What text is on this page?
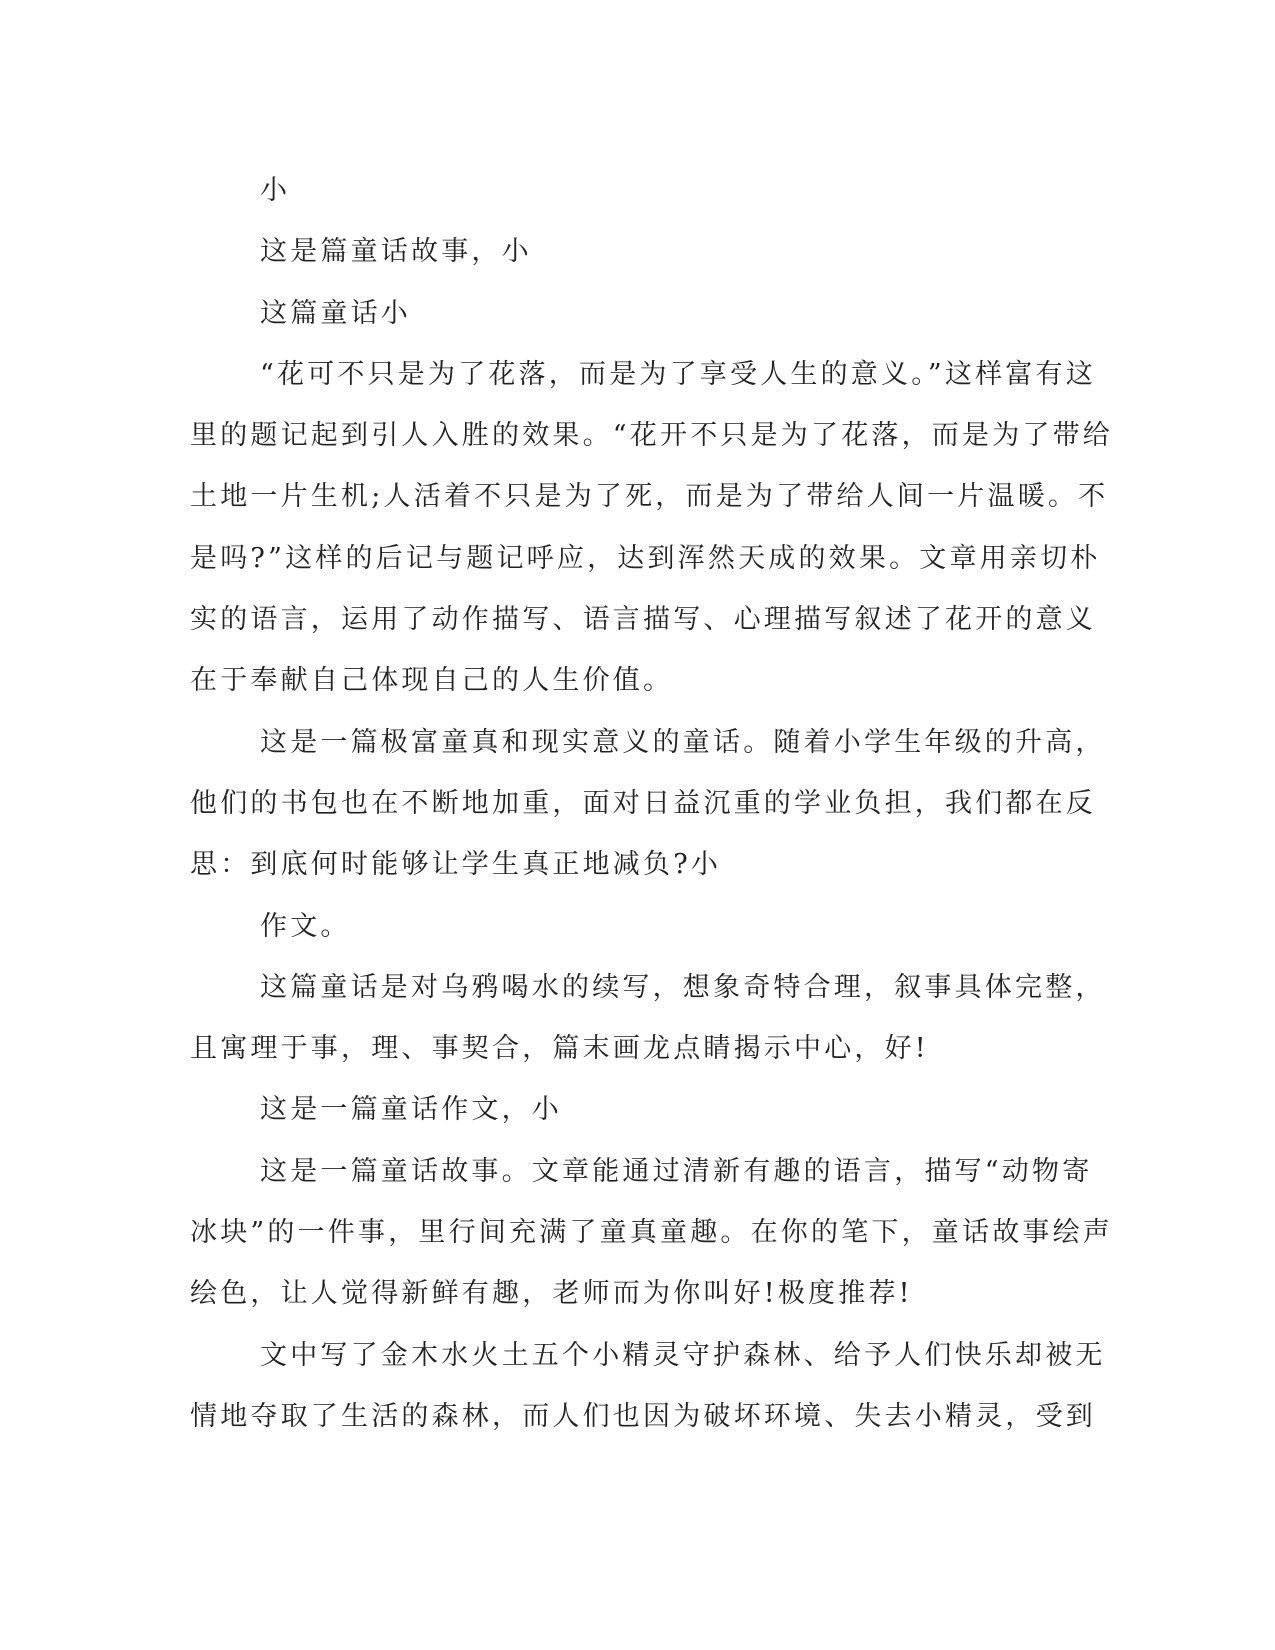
小

这是篇童话故事，小

这篇童话小

“花可不只是为了花落，而是为了享受人生的意义。”这样富有这

里的题记起到引人入胜的效果。“花开不只是为了花落，而是为了带给

土地一片生机;人活着不只是为了死，而是为了带给人间一片温暖。不

是吗?”这样的后记与题记呼应，达到浑然天成的效果。文章用亲切朴

实的语言，运用了动作描写、语言描写、心理描写叙述了花开的意义

在于奉献自己体现自己的人生价值。

这是一篇极富童真和现实意义的童话。随着小学生年级的升高，

他们的书包也在不断地加重，面对日益沉重的学业负担，我们都在反

思：到底何时能够让学生真正地减负?小

作文。

这篇童话是对乌鸦喝水的续写，想象奇特合理，叙事具体完整，

且寓理于事，理、事契合，篇末画龙点睛揭示中心，好!

这是一篇童话作文，小

这是一篇童话故事。文章能通过清新有趣的语言，描写“动物寄

冰块”的一件事，里行间充满了童真童趣。在你的笔下，童话故事绘声

绘色，让人觉得新鲜有趣，老师而为你叫好!极度推荐!

文中写了金木水火土五个小精灵守护森林、给予人们快乐却被无

情地夺取了生活的森林，而人们也因为破坏环境、失去小精灵，受到
